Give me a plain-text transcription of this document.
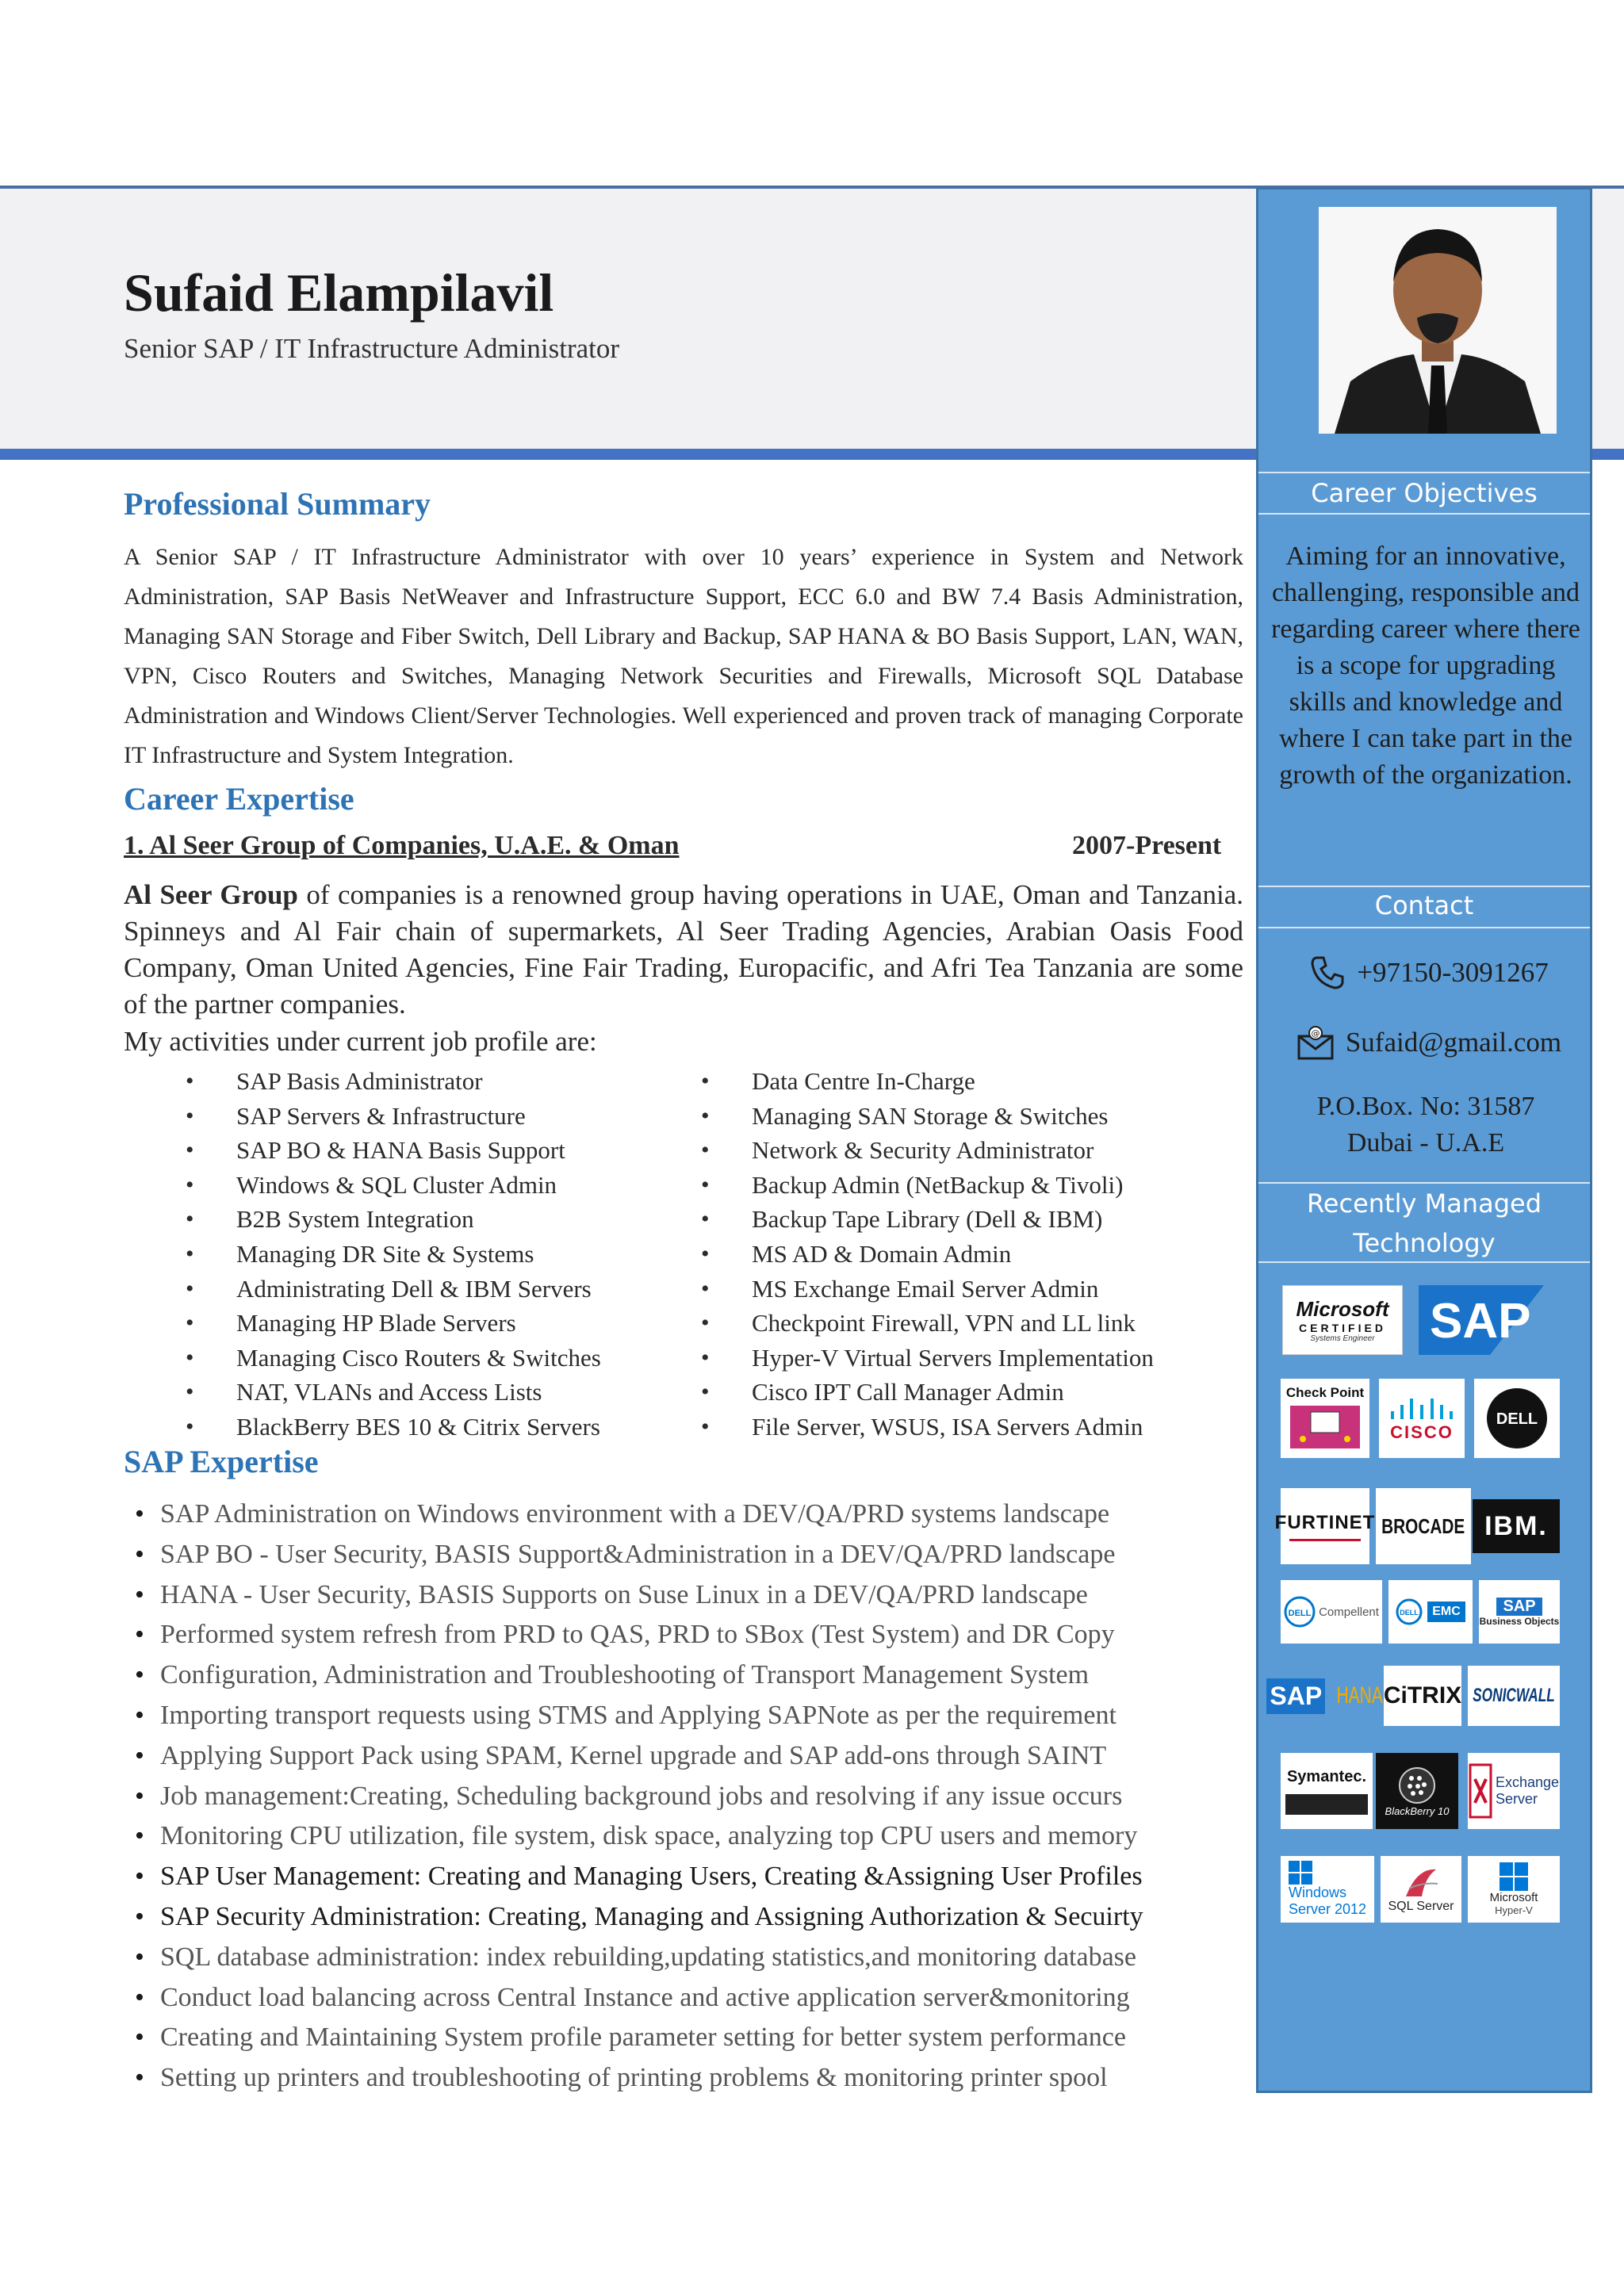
Sufaid Elampilavil
Senior SAP / IT Infrastructure Administrator
Professional Summary
A Senior SAP / IT Infrastructure Administrator with over 10 years’ experience in System and Network Administration, SAP Basis NetWeaver and Infrastructure Support, ECC 6.0 and BW 7.4 Basis Administration, Managing SAN Storage and Fiber Switch, Dell Library and Backup, SAP HANA & BO Basis Support, LAN, WAN, VPN, Cisco Routers and Switches, Managing Network Securities and Firewalls, Microsoft SQL Database Administration and Windows Client/Server Technologies. Well experienced and proven track of managing Corporate IT Infrastructure and System Integration.
Career Expertise
1. Al Seer Group of Companies, U.A.E. & Oman	2007-Present
Al Seer Group of companies is a renowned group having operations in UAE, Oman and Tanzania. Spinneys and Al Fair chain of supermarkets, Al Seer Trading Agencies, Arabian Oasis Food Company, Oman United Agencies, Fine Fair Trading, Europacific, and Afri Tea Tanzania are some of the partner companies.
My activities under current job profile are:
• SAP Basis Administrator
• SAP Servers & Infrastructure
• SAP BO & HANA Basis Support
• Windows & SQL Cluster Admin
• B2B System Integration
• Managing DR Site & Systems
• Administrating Dell & IBM Servers
• Managing HP Blade Servers
• Managing Cisco Routers & Switches
• NAT, VLANs and Access Lists
• BlackBerry BES 10 & Citrix Servers
• Data Centre In-Charge
• Managing SAN Storage & Switches
• Network & Security Administrator
• Backup Admin (NetBackup & Tivoli)
• Backup Tape Library (Dell & IBM)
• MS AD & Domain Admin
• MS Exchange Email Server Admin
• Checkpoint Firewall, VPN and LL link
• Hyper-V Virtual Servers Implementation
• Cisco IPT Call Manager Admin
• File Server, WSUS, ISA Servers Admin
SAP Expertise
• SAP Administration on Windows environment with a DEV/QA/PRD systems landscape
• SAP BO - User Security, BASIS Support&Administration in a DEV/QA/PRD landscape
• HANA - User Security, BASIS Supports on Suse Linux in a DEV/QA/PRD landscape
• Performed system refresh from PRD to QAS, PRD to SBox (Test System) and DR Copy
• Configuration, Administration and Troubleshooting of Transport Management System
• Importing transport requests using STMS and Applying SAPNote as per the requirement
• Applying Support Pack using SPAM, Kernel upgrade and SAP add-ons through SAINT
• Job management:Creating, Scheduling background jobs and resolving if any issue occurs
• Monitoring CPU utilization, file system, disk space, analyzing top CPU users and memory
• SAP User Management: Creating and Managing Users, Creating &Assigning User Profiles
• SAP Security Administration: Creating, Managing and Assigning Authorization & Secuirty
• SQL database administration: index rebuilding,updating statistics,and monitoring database
• Conduct load balancing across Central Instance and active application server&monitoring
• Creating and Maintaining System profile parameter setting for better system performance
• Setting up printers and troubleshooting of printing problems & monitoring printer spool
Career Objectives
Aiming for an innovative, challenging, responsible and regarding career where there is a scope for upgrading skills and knowledge and where I can take part in the growth of the organization.
Contact
+97150-3091267
@ Sufaid@gmail.com
P.O.Box. No: 31587
Dubai - U.A.E
Recently Managed
Technology
Microsoft
CERTIFIED
Systems Engineer SAP
Check Point
CISCO
DELL
FURTINET BROCADE IBM.
DELL Compellent	DELL	EMC	SAP
Business Objects
SAP HANA CiTRIX SONICWALL
Symantec.
BlackBerry 10
Exchange
Server
Windows
Server 2012 SQL Server
Microsoft
Hyper-V
